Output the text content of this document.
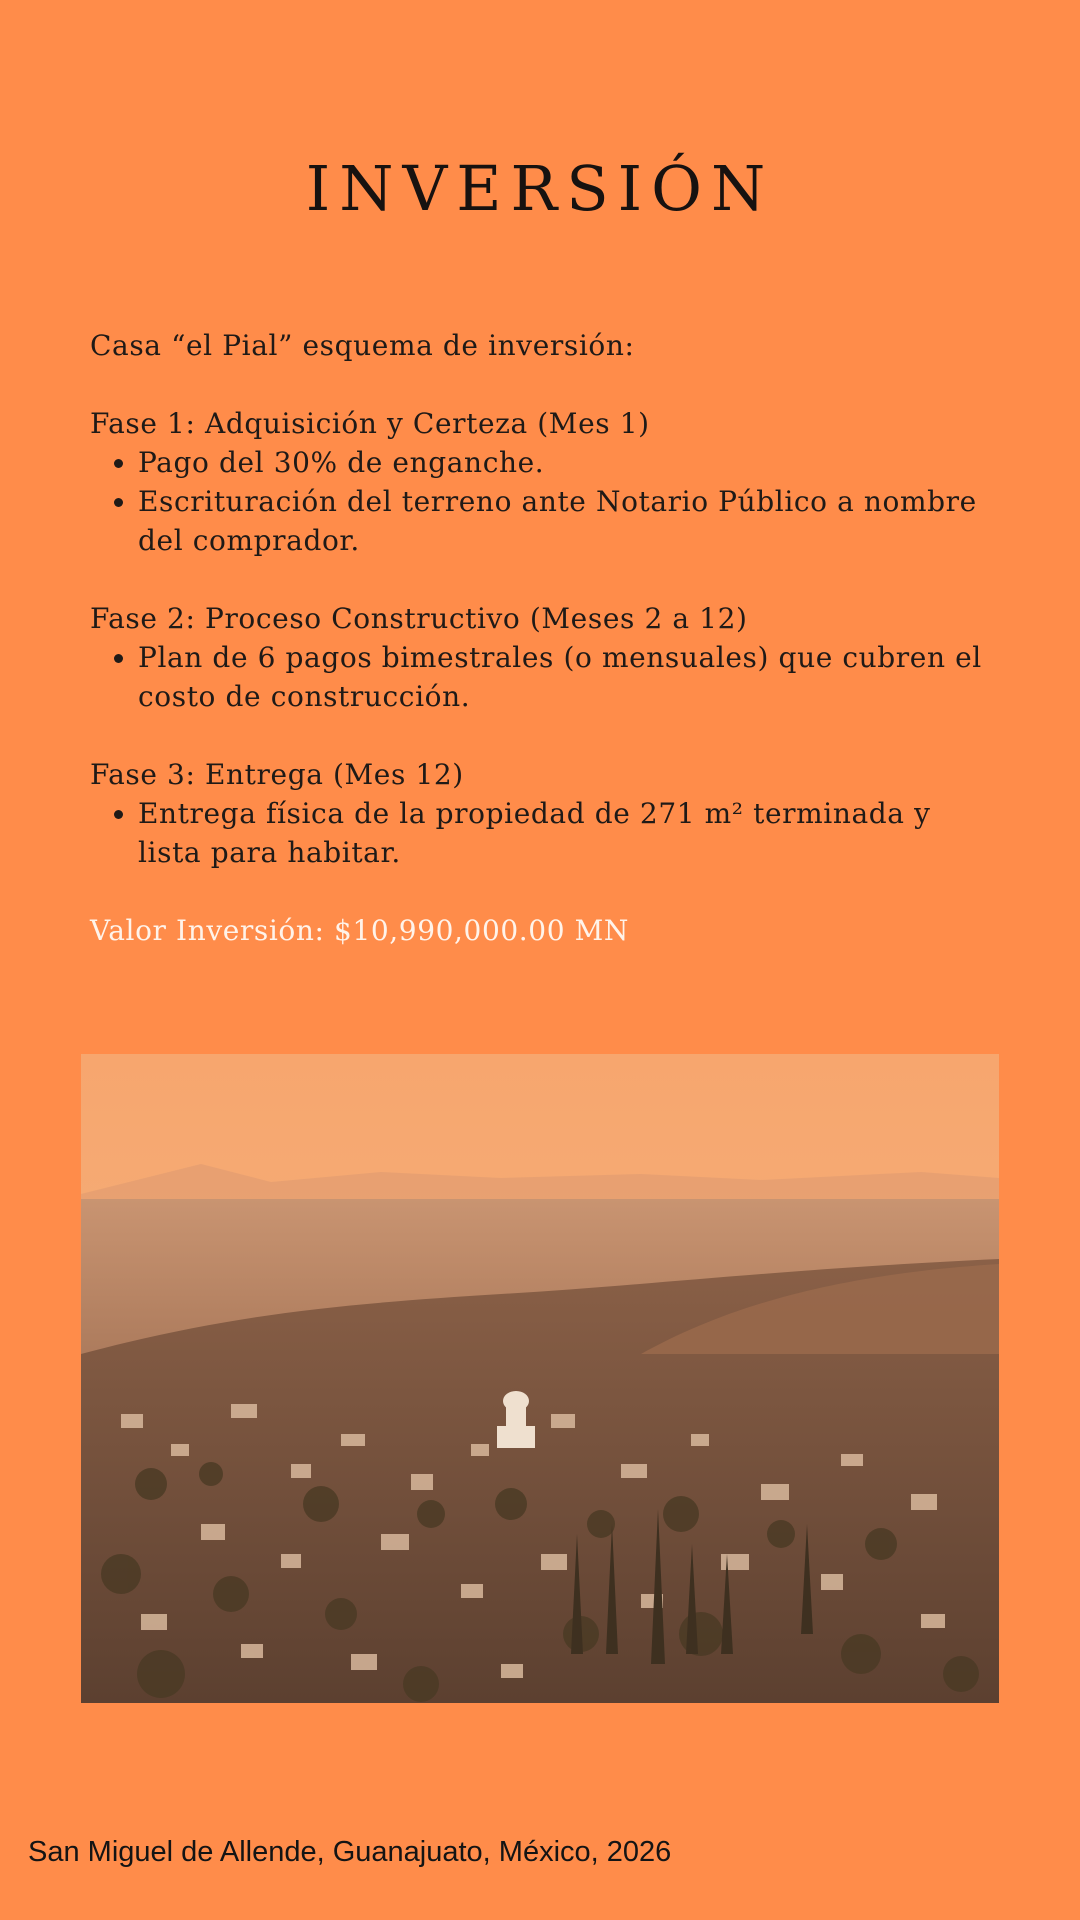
INVERSIÓN

Casa “el Pial” esquema de inversión:

Fase 1: Adquisición y Certeza (Mes 1)

• Pago del 30% de enganche.
• Escrituración del terreno ante Notario Público a nombre del comprador.

Fase 2: Proceso Constructivo (Meses 2 a 12)

• Plan de 6 pagos bimestrales (o mensuales) que cubren el costo de construcción.

Fase 3: Entrega (Mes 12)

• Entrega física de la propiedad de 271 m² terminada y lista para habitar.

Valor Inversión: $10,990,000.00 MN

San Miguel de Allende, Guanajuato, México, 2026
